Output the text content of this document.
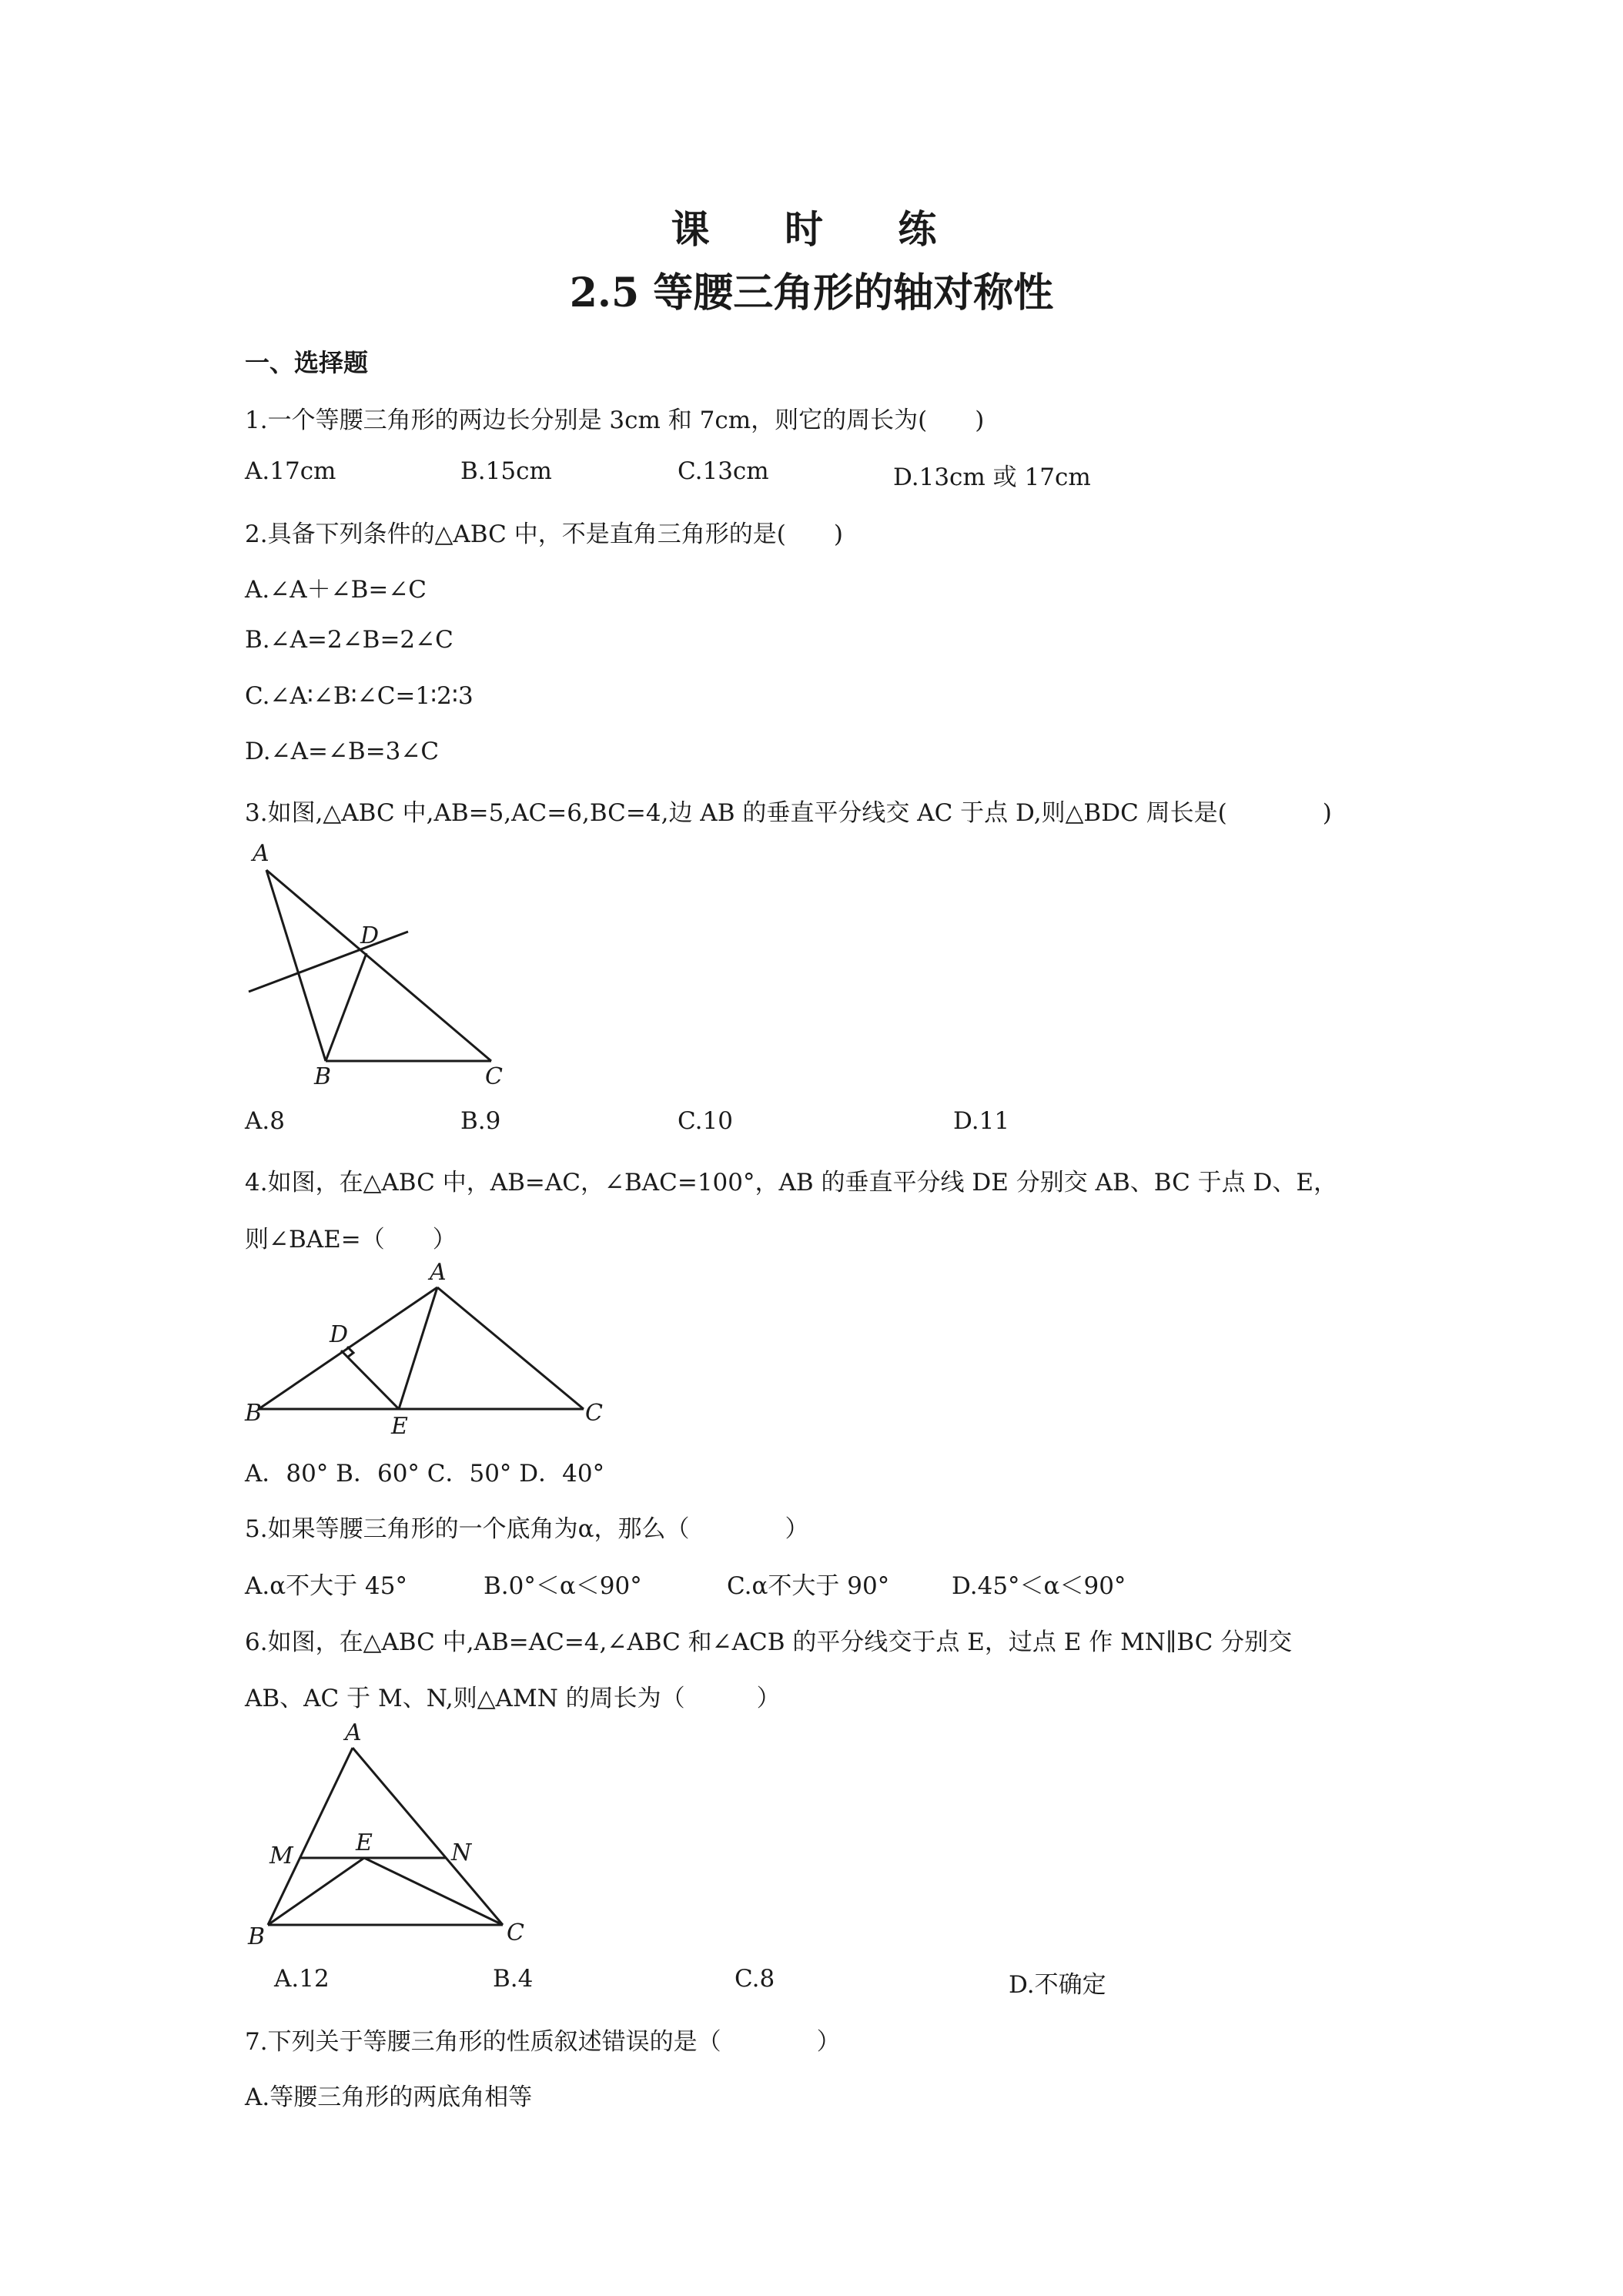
课 时 练
2.5 等腰三角形的轴对称性
一、选择题
1.一个等腰三角形的两边长分别是 3cm 和 7cm，则它的周长为(　　)
A.17cm	B.15cm	C.13cm	D.13cm 或 17cm
2.具备下列条件的△ABC 中，不是直角三角形的是(　　)
A.∠A＋∠B=∠C
B.∠A=2∠B=2∠C
C.∠A∶∠B∶∠C=1∶2∶3
D.∠A=∠B=3∠C
3.如图,△ABC 中,AB=5,AC=6,BC=4,边 AB 的垂直平分线交 AC 于点 D,则△BDC 周长是(　　　　)
A
D
B	C
A.8	B.9	C.10	D.11
4.如图，在△ABC 中，AB=AC，∠BAC=100°，AB 的垂直平分线 DE 分别交 AB、BC 于点 D、E，
则∠BAE=（　　）
A
D
B	E	C
A．80° B．60° C．50° D．40°
5.如果等腰三角形的一个底角为α，那么（　　　　）
A.α不大于 45°	B.0°＜α＜90°	C.α不大于 90°	D.45°＜α＜90°
6.如图，在△ABC 中,AB=AC=4,∠ABC 和∠ACB 的平分线交于点 E，过点 E 作 MN∥BC 分别交
AB、AC 于 M、N,则△AMN 的周长为（　　　）
A
M	E	N
B	C
A.12	B.4	C.8	D.不确定
7.下列关于等腰三角形的性质叙述错误的是（　　　　）
A.等腰三角形的两底角相等
